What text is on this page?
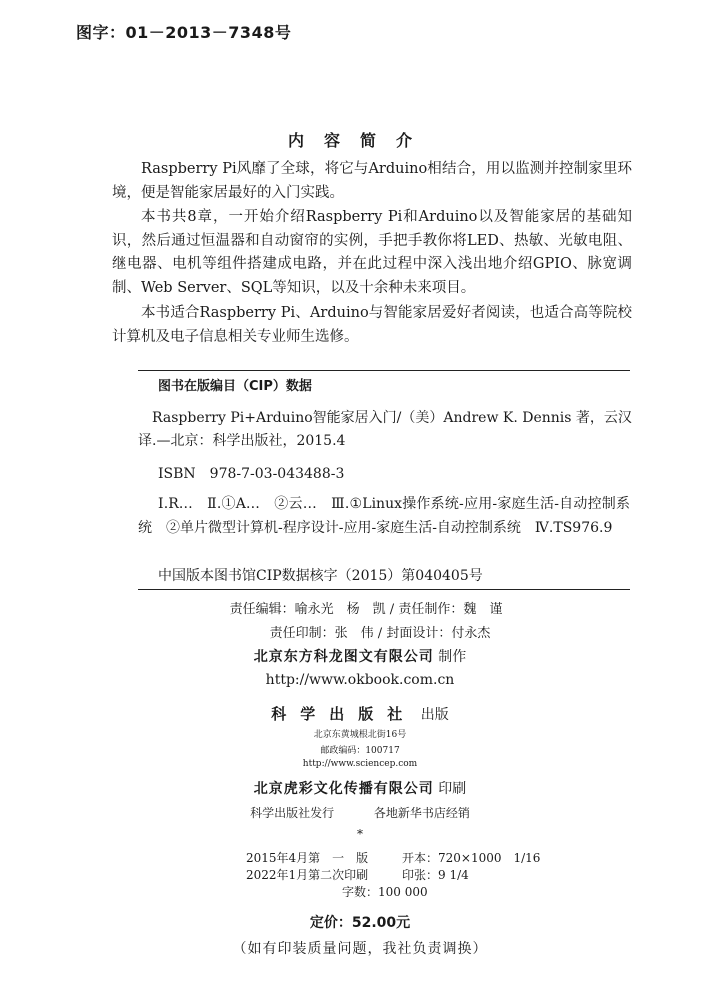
图字：01－2013－7348号
内容简介

Raspberry Pi风靡了全球，将它与Arduino相结合，用以监测并控制家里环境，便是智能家居最好的入门实践。

本书共8章，一开始介绍Raspberry Pi和Arduino以及智能家居的基础知识，然后通过恒温器和自动窗帘的实例，手把手教你将LED、热敏、光敏电阻、继电器、电机等组件搭建成电路，并在此过程中深入浅出地介绍GPIO、脉宽调制、Web Server、SQL等知识，以及十余种未来项目。

本书适合Raspberry Pi、Arduino与智能家居爱好者阅读，也适合高等院校计算机及电子信息相关专业师生选修。

图书在版编目（CIP）数据
Raspberry Pi+Arduino智能家居入门/（美）Andrew K. Dennis 著，云汉
译.—北京：科学出版社，2015.4
ISBN　978-7-03-043488-3
Ⅰ.R…　Ⅱ.①A…　②云…　Ⅲ.①Linux操作系统-应用-家庭生活-自动控制系统　②单片微型计算机-程序设计-应用-家庭生活-自动控制系统　Ⅳ.TS976.9
中国版本图书馆CIP数据核字（2015）第040405号
责任编辑：喻永光　杨　凯 / 责任制作：魏　谨
责任印制：张　伟 / 封面设计：付永杰
北京东方科龙图文有限公司 制作
http://www.okbook.com.cn
科学出版社 出版
北京东黄城根北街16号
邮政编码：100717
http://www.sciencep.com
北京虎彩文化传播有限公司 印刷
科学出版社发行	各地新华书店经销
*
2015年4月第　一　版	开本：720×1000　1/16
2022年1月第二次印刷	印张：9 1/4
字数：100 000
定价：52.00元
（如有印装质量问题，我社负责调换）
